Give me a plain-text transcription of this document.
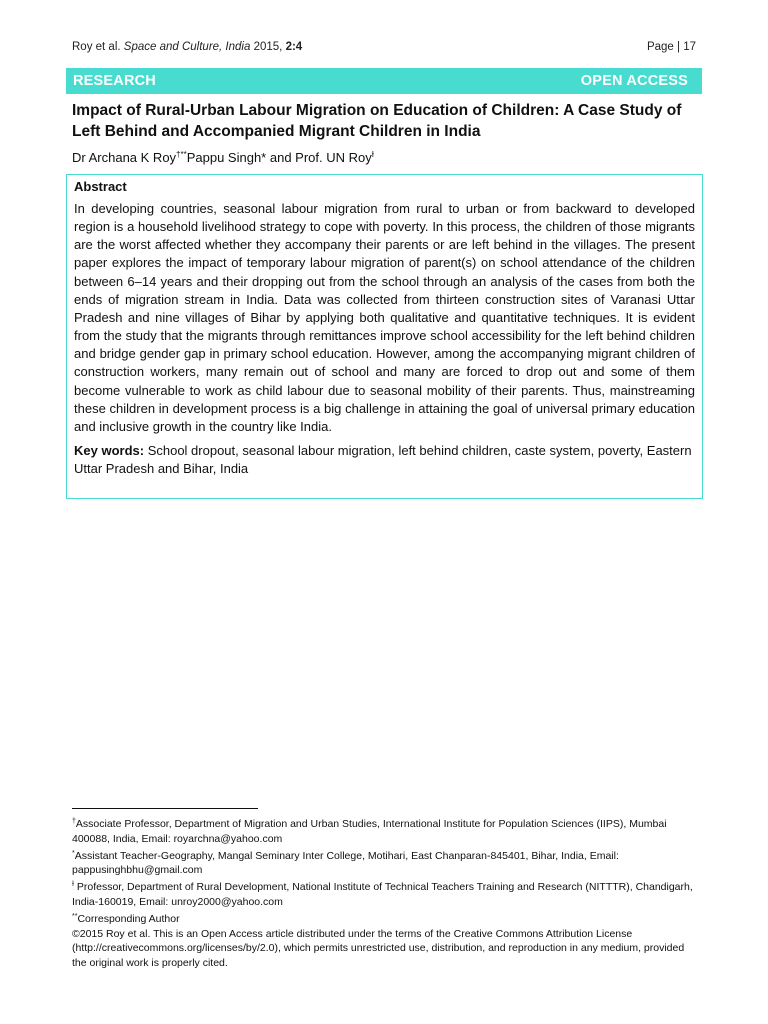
Roy et al. Space and Culture, India 2015, 2:4	Page | 17
RESEARCH	OPEN ACCESS
Impact of Rural-Urban Labour Migration on Education of Children: A Case Study of Left Behind and Accompanied Migrant Children in India
Dr Archana K Roy†**Pappu Singh* and Prof. UN Roy$^Ɨ$
Abstract

In developing countries, seasonal labour migration from rural to urban or from backward to developed region is a household livelihood strategy to cope with poverty. In this process, the children of those migrants are the worst affected whether they accompany their parents or are left behind in the villages. The present paper explores the impact of temporary labour migration of parent(s) on school attendance of the children between 6–14 years and their dropping out from the school through an analysis of the cases from both the ends of migration stream in India. Data was collected from thirteen construction sites of Varanasi Uttar Pradesh and nine villages of Bihar by applying both qualitative and quantitative techniques. It is evident from the study that the migrants through remittances improve school accessibility for the left behind children and bridge gender gap in primary school education. However, among the accompanying migrant children of construction workers, many remain out of school and many are forced to drop out and some of them become vulnerable to work as child labour due to seasonal mobility of their parents. Thus, mainstreaming these children in development process is a big challenge in attaining the goal of universal primary education and inclusive growth in the country like India.

Key words: School dropout, seasonal labour migration, left behind children, caste system, poverty, Eastern Uttar Pradesh and Bihar, India

†Associate Professor, Department of Migration and Urban Studies, International Institute for Population Sciences (IIPS), Mumbai 400088, India, Email: royarchna@yahoo.com

*Assistant Teacher-Geography, Mangal Seminary Inter College, Motihari, East Chanparan-845401, Bihar, India, Email: pappusinghbhu@gmail.com

$^Ɨ$ Professor, Department of Rural Development, National Institute of Technical Teachers Training and Research (NITTTR), Chandigarh, India-160019, Email: unroy2000@yahoo.com

**Corresponding Author

©2015 Roy et al. This is an Open Access article distributed under the terms of the Creative Commons Attribution License (http://creativecommons.org/licenses/by/2.0), which permits unrestricted use, distribution, and reproduction in any medium, provided the original work is properly cited.
